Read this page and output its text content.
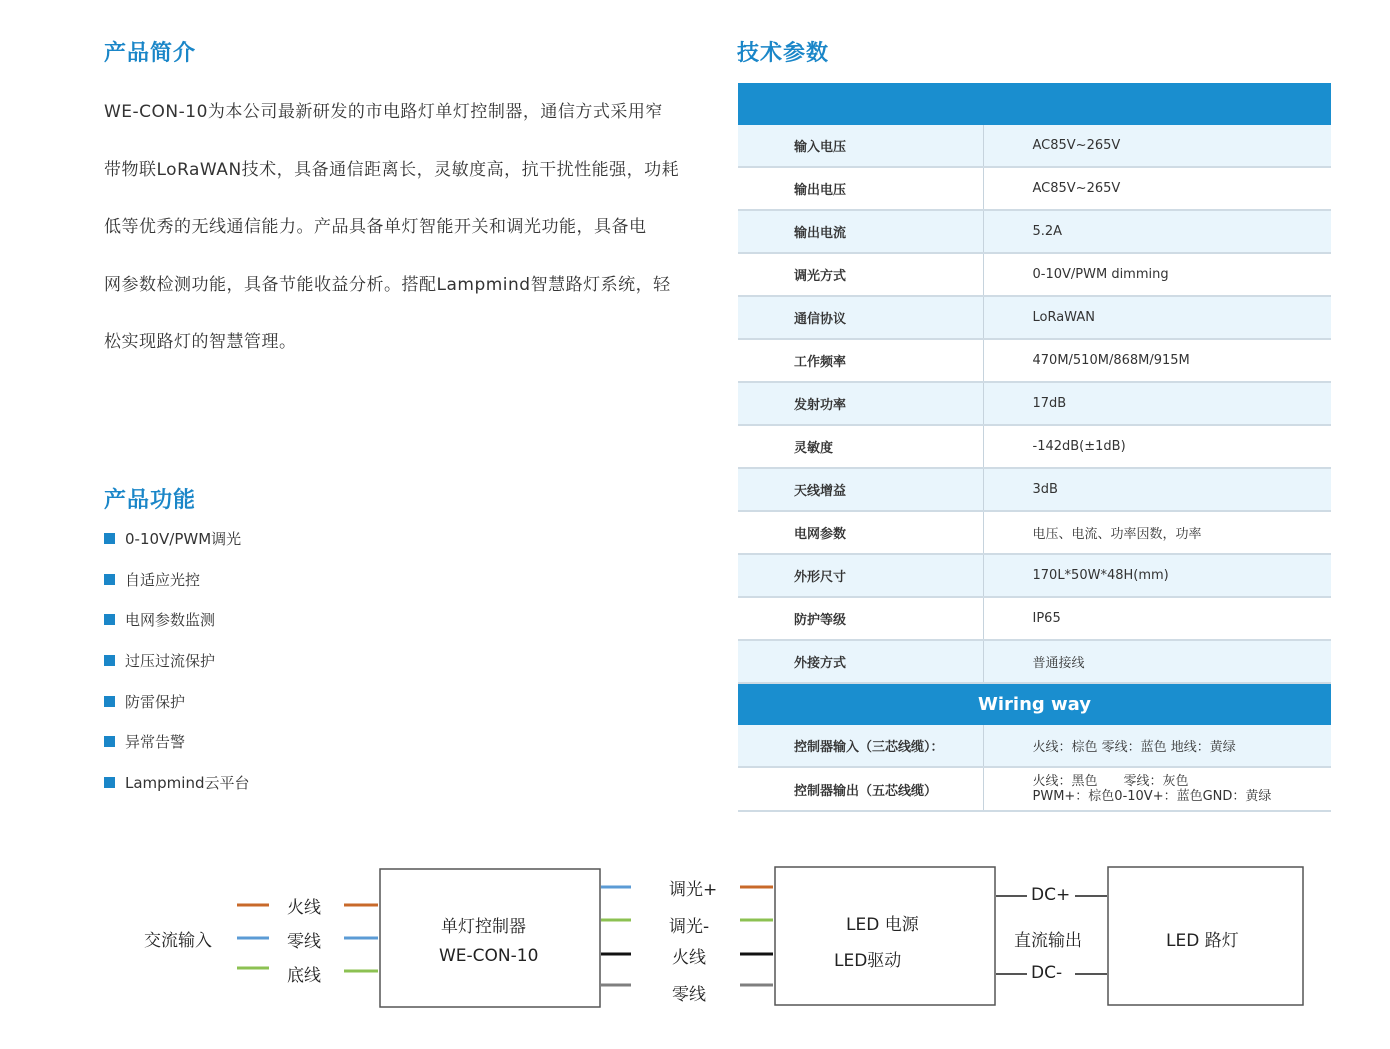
产品简介

WE-CON-10为本公司最新研发的市电路灯单灯控制器，通信方式采用窄

带物联LoRaWAN技术，具备通信距离长，灵敏度高，抗干扰性能强，功耗

低等优秀的无线通信能力。产品具备单灯智能开关和调光功能，具备电

网参数检测功能，具备节能收益分析。搭配Lampmind智慧路灯系统，轻

松实现路灯的智慧管理。

产品功能
0-10V/PWM调光
自适应光控
电网参数监测
过压过流保护
防雷保护
异常告警
Lampmind云平台
技术参数

输入电压	AC85V~265V
输出电压	AC85V~265V
输出电流	5.2A
调光方式	0-10V/PWM dimming
通信协议	LoRaWAN
工作频率	470M/510M/868M/915M
发射功率	17dB
灵敏度	-142dB(±1dB)
天线增益	3dB
电网参数	电压、电流、功率因数，功率
外形尺寸	170L*50W*48H(mm)
防护等级	IP65
外接方式	普通接线
Wiring way	
控制器输入（三芯线缆）：	火线：棕色 零线：蓝色 地线：黄绿
控制器输出（五芯线缆）	火线：黑色　　零线：灰色
PWM+：棕色0-10V+：蓝色GND：黄绿
交流输入
火线
零线
底线
单灯控制器
WE-CON-10
调光+
调光-
火线
零线
LED 电源
LED驱动
DC+
直流输出
DC-
LED 路灯
